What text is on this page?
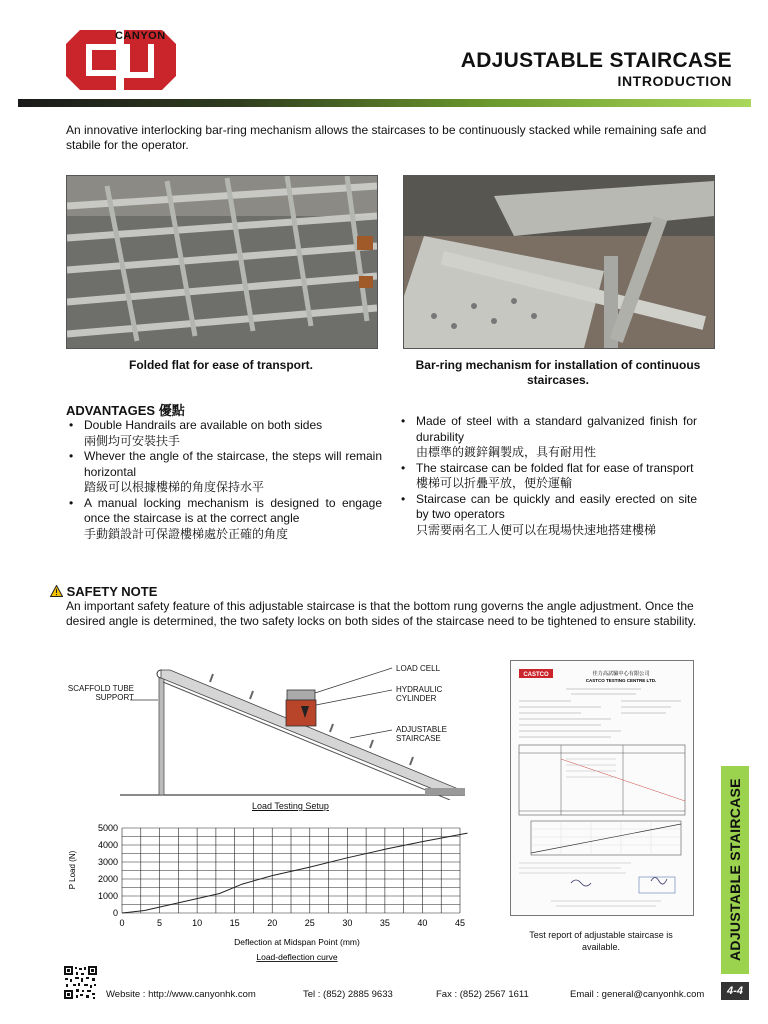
CANYON
ADJUSTABLE STAIRCASE
INTRODUCTION
An innovative interlocking bar-ring mechanism allows the staircases to be continuously stacked while remaining safe and stabile for the operator.
Folded flat for ease of transport.	Bar-ring mechanism for installation of continuous staircases.
ADVANTAGES 優點
• Double Handrails are available on both sides
兩側均可安裝扶手
• Whever the angle of the staircase, the steps will remain horizontal
踏級可以根據樓梯的角度保持水平
• A manual locking mechanism is designed to engage once the staircase is at the correct angle
手動鎖設計可保證樓梯處於正確的角度
• Made of steel with a standard galvanized finish for durability
由標準的鍍鋅鋼製成，具有耐用性
• The staircase can be folded flat for ease of transport
樓梯可以折疊平放，便於運輸
• Staircase can be quickly and easily erected on site by two operators
只需要兩名工人便可以在現場快速地搭建樓梯
SAFETY NOTE
An important safety feature of this adjustable staircase is that the bottom rung governs the angle adjustment. Once the desired angle is determined, the two safety locks on both sides of the staircase need to be tightened to ensure stability.
LOAD CELL
HYDRAULIC CYLINDER
ADJUSTABLE STAIRCASE
SCAFFOLD TUBE SUPPORT
Load Testing Setup
0	5	10	15	20	25	30	35	40	45
0
1000
2000
3000
4000
5000
P Load (N)
Deflection at Midspan Point (mm)
Load-deflection curve
CASTCO	佳力高試驗中心有限公司
CASTCO TESTING CENTRE LTD.
Test report of adjustable staircase is available.	ADJUSTABLE STAIRCASE
4-4
Website : http://www.canyonhk.com	Tel : (852) 2885 9633	Fax : (852) 2567 1611	Email : general@canyonhk.com
